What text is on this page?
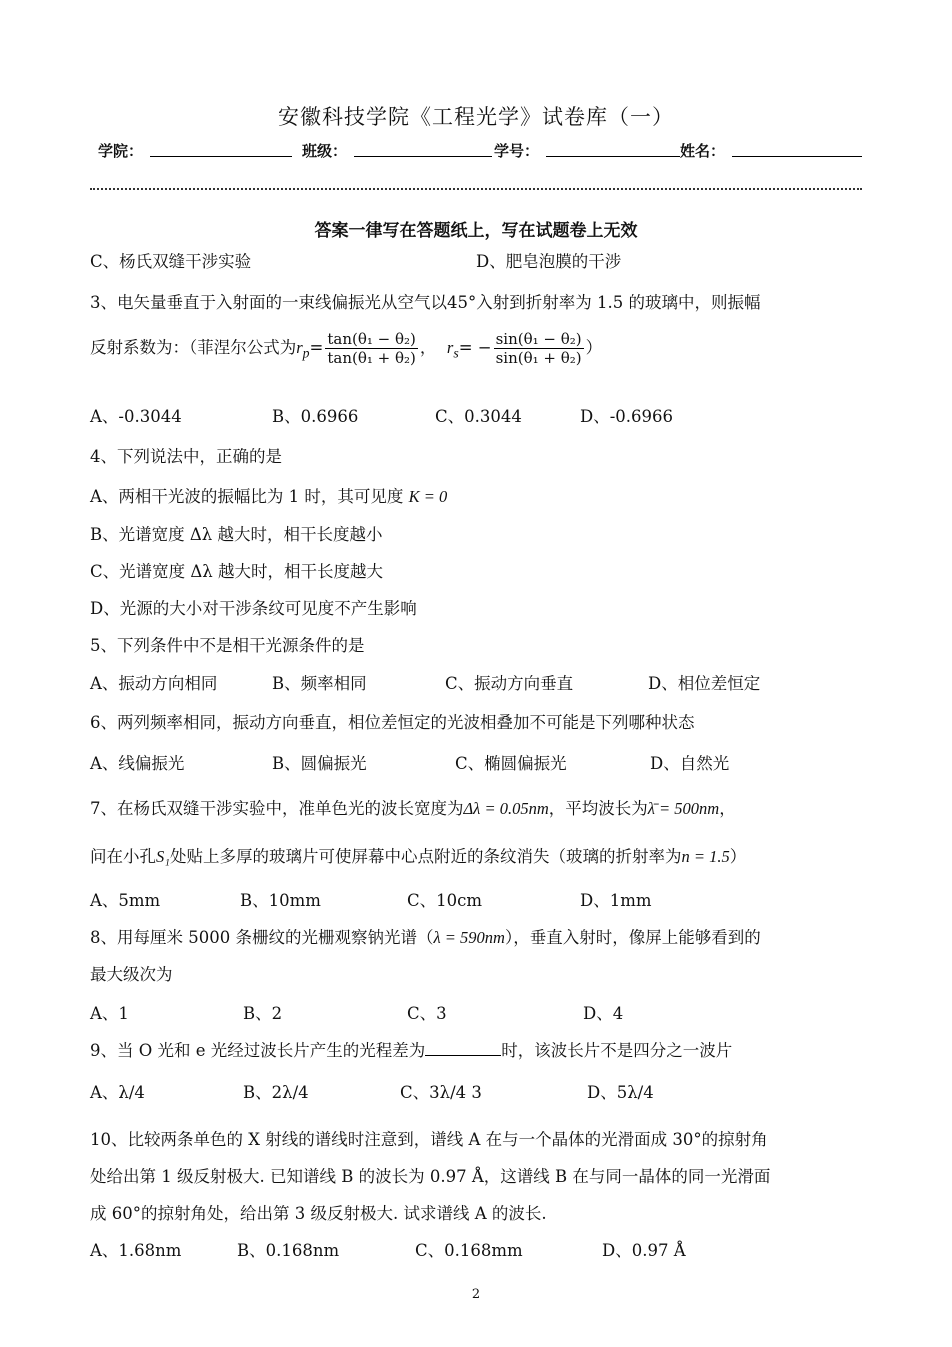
安徽科技学院《工程光学》试卷库（一）
学院：	班级：	学号：	姓名：
答案一律写在答题纸上，写在试题卷上无效
C、杨氏双缝干涉实验	D、肥皂泡膜的干涉
3、电矢量垂直于入射面的一束线偏振光从空气以45°入射到折射率为 1.5 的玻璃中，则振幅
反射系数为：（菲涅尔公式为$r_p= \frac{\text{tan(θ₁ − θ₂)}}{\text{tan(θ₁ + θ₂)}}$ ， $r_s= - \frac{\text{sin(θ₁ − θ₂)}}{\text{sin(θ₁ + θ₂)}}$ ）
A、-0.3044	B、0.6966	C、0.3044	D、-0.6966
4、下列说法中，正确的是
A、两相干光波的振幅比为 1 时，其可见度 K = 0
B、光谱宽度 Δλ 越大时，相干长度越小
C、光谱宽度 Δλ 越大时，相干长度越大
D、光源的大小对干涉条纹可见度不产生影响
5、下列条件中不是相干光源条件的是
A、振动方向相同	B、频率相同	C、振动方向垂直	D、相位差恒定
6、两列频率相同，振动方向垂直，相位差恒定的光波相叠加不可能是下列哪种状态
A、线偏振光	B、圆偏振光	C、椭圆偏振光	D、自然光
7、在杨氏双缝干涉实验中，准单色光的波长宽度为Δλ = 0.05nm，平均波长为λ̄ = 500nm，
问在小孔S₁处贴上多厚的玻璃片可使屏幕中心点附近的条纹消失（玻璃的折射率为n = 1.5）
A、5mm	B、10mm	C、10cm	D、1mm
8、用每厘米 5000 条栅纹的光栅观察钠光谱（λ = 590nm），垂直入射时，像屏上能够看到的
最大级次为
A、1	B、2	C、3	D、4
9、当 O 光和 e 光经过波长片产生的光程差为	时，该波长片不是四分之一波片
A、λ/4	B、2λ/4	C、3λ/4 3	D、5λ/4
10、比较两条单色的 X 射线的谱线时注意到，谱线 A 在与一个晶体的光滑面成 30°的掠射角
处给出第 1 级反射极大. 已知谱线 B 的波长为 0.97 Å，这谱线 B 在与同一晶体的同一光滑面
成 60°的掠射角处，给出第 3 级反射极大. 试求谱线 A 的波长.
A、1.68nm	B、0.168nm	C、0.168mm	D、0.97 Å
2
